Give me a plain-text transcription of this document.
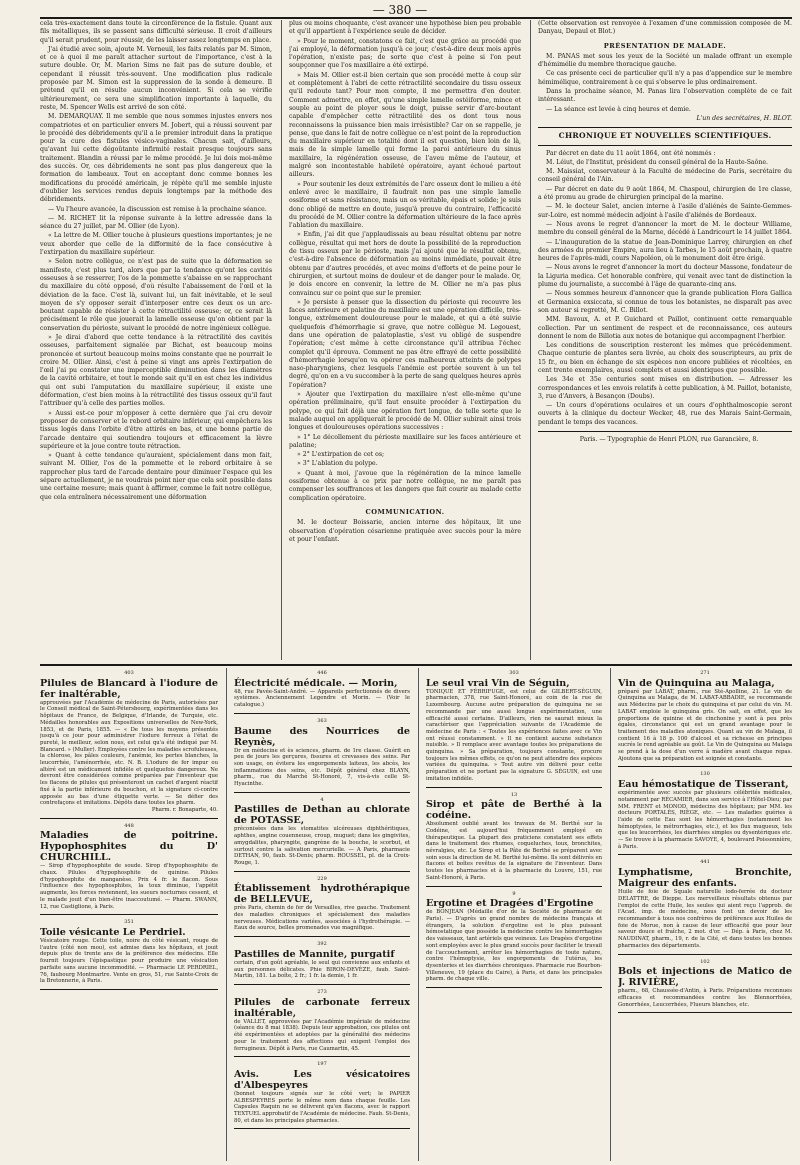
— 380 —

cela très-exactement dans toute la circonférence de la fistule. Quant aux fils métalliques, ils se passent sans difficulté sérieuse. Il croit d'ailleurs qu'il serait prudent, pour réussir, de les laisser assez longtemps en place.

J'ai étudié avec soin, ajoute M. Verneuil, les faits relatés par M. Simon, et ce à quoi il me paraît attacher surtout de l'importance, c'est à la suture double. Or, M. Marion Sims ne fait pas de suture double, et cependant il réussit très-souvent. Une modification plus radicale proposée par M. Simon est la suppression de la sonde à demeure. Il prétend qu'il en résulte aucun inconvénient. Si cela se vérifie ultérieurement, ce sera une simplification importante à laquelle, du reste, M. Spencer Wells est arrivé de son côté.

M. DEMARQUAY. Il me semble que nous sommes injustes envers nos compatriotes et en particulier envers M. Jobert, qui a réussi souvent par le procédé des débridements qu'il a le premier introduit dans la pratique pour la cure des fistules vésico-vaginales. Chacun sait, d'ailleurs, qu'avant lui cette dégoûtante infirmité restait presque toujours sans traitement. Blandin a réussi par le même procédé. Je lui dois moi-même des succès. Or, ces débridements ne sont pas plus dangereux que la formation de lambeaux. Tout en acceptant donc comme bonnes les modifications du procédé américain, je répète qu'il me semble injuste d'oublier les services rendus depuis longtemps par la méthode des débridements.

— Vu l'heure avancée, la discussion est remise à la prochaine séance.

— M. RICHET lit la réponse suivante à la lettre adressée dans la séance du 27 juillet, par M. Ollier (de Lyon).

« La lettre de M. Ollier touche à plusieurs questions importantes; je ne veux aborder que celle de la difformité de la face consécutive à l'extirpation du maxillaire supérieur.

» Selon notre collègue, ce n'est pas de suite que la déformation se manifeste, c'est plus tard, alors que par la tendance qu'ont les cavités osseuses à se resserrer, l'os de la pommette s'abaisse en se rapprochant du maxillaire du côté opposé, d'où résulte l'abaissement de l'œil et la déviation de la face. C'est là, suivant lui, un fait inévitable, et le seul moyen de s'y opposer serait d'interposer entre ces deux os un arc-boutant capable de résister à cette rétractilité osseuse; or, ce serait là précisément le rôle que jouerait la lamelle osseuse qu'on obtient par la conservation du périoste, suivant le procédé de notre ingénieux collègue.

» Je dirai d'abord que cette tendance à la rétractilité des cavités osseuses, parfaitement signalée par Bichat, est beaucoup moins prononcée et surtout beaucoup moins moins constante que ne pourrait le croire M. Ollier. Ainsi, c'est à peine si vingt ans après l'extirpation de l'œil j'ai pu constater une imperceptible diminution dans les diamètres de la cavité orbitaire, et tout le monde sait qu'il en est chez les individus qui ont subi l'amputation du maxillaire supérieur, il existe une déformation, c'est bien moins à la rétractilité des tissus osseux qu'il faut l'attribuer qu'à celle des parties molles.

» Aussi est-ce pour m'opposer à cette dernière que j'ai cru devoir proposer de conserver et le rebord orbitaire inférieur, qui empêchera les tissus logés dans l'orbite d'être attirés en bas, et une bonne partie de l'arcade dentaire qui soutiendra toujours et efficacement la lèvre supérieure et la joue contre toute rétraction.

» Quant à cette tendance qu'auraient, spécialement dans mon fait, suivant M. Ollier, l'os de la pommette et le rebord orbitaire à se rapprocher plus tard de l'arcade dentaire pour diminuer l'espace qui les sépare actuellement, je ne voudrais point nier que cela soit possible dans une certaine mesure; mais quant à affirmer, comme le fait notre collègue, que cela entraînera nécessairement une déformation

plus ou moins choquante, c'est avancer une hypothèse bien peu probable et qu'il appartient à l'expérience seule de décider.

» Pour le moment, constatons ce fait, c'est que grâce au procédé que j'ai employé, la déformation jusqu'à ce jour, c'est-à-dire deux mois après l'opération, n'existe pas; de sorte que c'est à peine si l'on peut soupçonner que l'os maxillaire a été extirpé.

» Mais M. Ollier est-il bien certain que son procédé mette à coup sûr et complètement à l'abri de cette rétractilité secondaire du tissu osseux qu'il redoute tant? Pour mon compte, il me permettra d'en douter. Comment admettre, en effet, qu'une simple lamelle ostéiforme, mince et souple au point de ployer sous le doigt, puisse servir d'arc-boutant capable d'empêcher cette rétractilité des os dont tous nous reconnaissons la puissance bien mais irrésistible? Car on se rappelle, je pense, que dans le fait de notre collègue ce n'est point de la reproduction du maxillaire supérieur en totalité dont il est question, bien loin de là, mais de la simple lamelle qui forme la paroi antérieure du sinus maxillaire, la régénération osseuse, de l'aveu même de l'auteur, et malgré son incontestable habileté opératoire, ayant échoué partout ailleurs.

» Pour soutenir les deux extrémités de l'arc osseux dont le milieu a été enlevé avec le maxillaire, il faudrait non pas une simple lamelle ossiforme et sans résistance, mais un os véritable, épais et solide; je suis donc obligé de mettre en doute, jusqu'à preuve du contraire, l'efficacité du procédé de M. Ollier contre la déformation ultérieure de la face après l'ablation du maxillaire.

» Enfin, j'ai dit que j'applaudissais au beau résultat obtenu par notre collègue, résultat qui met hors de doute la possibilité de la reproduction de tissu osseux par le périoste, mais j'ai ajouté que le résultat obtenu, c'est-à-dire l'absence de déformation au moins immédiate, pouvait être obtenu par d'autres procédés, et avec moins d'efforts et de peine pour le chirurgien, et surtout moins de douleur et de danger pour le malade. Or, je dois encore en convenir, la lettre de M. Ollier ne m'a pas plus convaincu sur ce point que sur le premier.

» Je persiste à penser que la dissection du périoste qui recouvre les faces antérieure et palatine du maxillaire est une opération difficile, très-longue, extrêmement douloureuse pour le malade, et qui a été suivie quelquefois d'hémorrhagie si grave, que notre collègue M. Legouest, dans une opération de palatoplastie, s'est vu obligé de suspendre l'opération; c'est même à cette circonstance qu'il attribua l'échec complet qu'il éprouva. Comment ne pas être effrayé de cette possibilité d'hémorrhagie lorsqu'on va opérer ces malheureux atteints de polypes naso-pharyngiens, chez lesquels l'anémie est portée souvent à un tel degré, qu'on en a vu succomber à la perte de sang quelques heures après l'opération?

» Ajouter que l'extirpation du maxillaire n'est elle-même qu'une opération préliminaire, qu'il faut ensuite procéder à l'extirpation du polype, ce qui fait déjà une opération fort longue, de telle sorte que le malade auquel on appliquerait le procédé de M. Ollier subirait ainsi trois longues et douloureuses opérations successives :

» 1° Le décollement du périoste maxillaire sur les faces antérieure et palatine;

» 2° L'extirpation de cet os;

» 3° L'ablation du polype.

» Quant à moi, j'avoue que la régénération de la mince lamelle ossiforme obtenue à ce prix par notre collègue, ne me paraît pas compenser les souffrances et les dangers que fait courir au malade cette complication opératoire.

COMMUNICATION.

M. le docteur Boissarie, ancien interne des hôpitaux, lit une observation d'opération césarienne pratiquée avec succès pour la mère et pour l'enfant.

(Cette observation est renvoyée à l'examen d'une commission composée de M. Danyau, Depaul et Blot.)

PRÉSENTATION DE MALADE.

M. PANAS met sous les yeux de la Société un malade offrant un exemple d'hémimélie du membre thoracique gauche.

Ce cas présente ceci de particulier qu'il n'y a pas d'appendice sur le membre hémimélique, contrairement à ce qui s'observe le plus ordinairement.

Dans la prochaine séance, M. Panas lira l'observation complète de ce fait intéressant.

— La séance est levée à cinq heures et demie.

L'un des secrétaires, H. BLOT.

CHRONIQUE ET NOUVELLES SCIENTIFIQUES.

Par décret en date du 11 août 1864, ont été nommés :

M. Léiut, de l'Institut, président du conseil général de la Haute-Saône.

M. Maissiat, conservateur à la Faculté de médecine de Paris, secrétaire du conseil général de l'Ain.

— Par décret en date du 9 août 1864, M. Chaspoul, chirurgien de 1re classe, a été promu au grade de chirurgien principal de la marine.

— M. le docteur Salet, ancien interne à l'asile d'aliénés de Sainte-Gemmes-sur-Loire, est nommé médecin adjoint à l'asile d'aliénés de Bordeaux.

— Nous avons le regret d'annoncer la mort de M. le docteur Williame, membre du conseil général de la Marne, décédé à Landricourt le 14 juillet 1864.

— L'inauguration de la statue de Jean-Dominique Larrey, chirurgien en chef des armées du premier Empire, aura lieu à Tarbes, le 15 août prochain, à quatre heures de l'après-midi, cours Napoléon, où le monument doit être érigé.

— Nous avons le regret d'annoncer la mort du docteur Massone, fondateur de la Liguria medica. Cet honorable confrère, qui venait avec tant de distinction la plume du journaliste, a succombé à l'âge de quarante-cinq ans.

— Nous sommes heureux d'annoncer que la grande publication Flora Gallica et Germanica exsiccata, si connue de tous les botanistes, ne disparaît pas avec son auteur si regretté, M. C. Billot.

MM. Bavoux, A. et P. Guichard et Paillot, continuent cette remarquable collection. Par un sentiment de respect et de reconnaissance, ces auteurs donnent le nom de Billotia aux notes de botanique qui accompagnent l'herbier.

Les conditions de souscription resteront les mêmes que précédemment. Chaque centurie de plantes sera livrée, au choix des souscripteurs, au prix de 15 fr., ou bien en échange de six espèces non encore publiées et récoltées, en cent trente exemplaires, aussi complets et aussi identiques que possible.

Les 34e et 35e centuries sont mises en distribution. — Adresser les correspondances et les envois relatifs à cette publication, à M. Paillot, botaniste, 3, rue d'Anvers, à Besançon (Doubs).

— Un cours d'opérations oculaires et un cours d'ophthalmoscopie seront ouverts à la clinique du docteur Wecker, 48, rue des Marais Saint-Germain, pendant le temps des vacances.

Paris. — Typographie de Henri PLON, rue Garancière, 8.

403
Pilules de Blancard à l'iodure de fer inaltérable,

approuvées par l'Académie de médecine de Paris, autorisées par le Conseil médical de Saint-Pétersbourg, expérimentées dans les hôpitaux de France, de Belgique, d'Irlande, de Turquie, etc. Médailles honorables aux Expositions universelles de New-York, 1853, et de Paris, 1855. — « De tous les moyens présentés jusqu'à ce jour pour administrer l'iodure ferreux à l'état de pureté, le meilleur, selon nous, est celui qu'a été indiqué par M. Blancard. » (Muller). Employées contre les maladies scrofuleuses, la chlorose, les pâles couleurs, l'anémie, les pertes blanches, la leucorrhée, l'aménorrhée, etc. N. B. L'iodure de fer impur ou altéré est un médicament infidèle et quelquefois dangereux. Ne devront être considérées comme préparées par l'inventeur que les flacons de pilules qui présenteront un cachet d'argent réactif fixé à la partie inférieure du bouchon, et la signature ci-contre apposée au bas d'une étiquette verte. — Se défier des contrefaçons et imitations. Dépôts dans toutes les pharm.

Pharm. r. Bonaparte, 40.

448
Maladies de poitrine. Hypophosphites du D' CHURCHILL.

— Sirop d'hypophosphite de soude. Sirop d'hypophosphite de chaux. Pilules d'hypophosphite de quinine. Pilules d'hypophosphite de manganèse. Prix 4 fr. le flacon. Sous l'influence des hypophosphites, la toux diminue, l'appétit augmente, les forces reviennent, les sueurs nocturnes cessent, et le malade jouit d'un bien-être inaccoutumé. — Pharm. SWANN, 12, rue Castiglione, à Paris.

351
Toile vésicante Le Perdriel.

Vésicatoire rouge. Cette toile, noire du côté vésicant, rouge de l'autre (côté non mou), est admise dans les hôpitaux, et jouit depuis plus de trente ans de la préférence des médecins. Elle fournit toujours l'épispastique pour produire une vésication parfaite sans aucune incommodité. — Pharmacie LE PERDRIEL, 76, faubourg Montmartre. Vente en gros, 51, rue Sainte-Croix de la Bretonnerie, à Paris.

446
Électricité médicale. — Morin,

48, rue Pavée-Saint-André. — Appareils perfectionnés de divers systèmes. Anciennement Legendre et Morin. — (Voir le catalogue.)

363
Baume des Nourrices de Reynès,

Dr en médecine et ès sciences, pharm. de 1re classe. Guérit en peu de jours les gerçures, fissures et crevasses des seins. Par son usage, on évitera les engorgements laiteux, les abcès, les inflammations des seins, etc. Dépôt général chez BLAYN, pharm., rue du Marché St-Honoré, 7, vis-à-vis celle St-Hyacinthe.

4
Pastilles de Dethan au chlorate de POTASSE,

préconisées dans les stomatites ulcéreuses diphthéritiques, aphthes, angine couenneuse, croup, muguet; dans les gingivites, amygdalites, pharyngite, gangrène de la bouche, le scorbut, et surtout contre la salivation mercurielle. — A Paris, pharmacie DETHAN, 90, faub. St-Denis; pharm. ROUSSEL, pl. de la Croix-Rouge, 1.

229
Établissement hydrothérapique de BELLEVUE,

près Paris, chemin de fer de Versailles, rive gauche. Traitement des maladies chroniques et spécialement des maladies nerveuses. Médications variées, associées à l'hydrothérapie. — Eaux de source, belles promenades vue magnifique.

392
Pastilles de Mannite, purgatif

certain, d'un goût agréable, le seul qui convienne aux enfants et aux personnes délicates. Phie BIRON-DEVÈZE, faub. Saint-Martin, 181. La boîte, 2 fr.; 1 fr. la demie, 1 fr.

273
Pilules de carbonate ferreux inaltérable,

de VALLET, approuvées par l'Académie impériale de médecine (séance du 8 mai 1838). Depuis leur approbation, ces pilules ont été expérimentées et adoptées par la généralité des médecins pour le traitement des affections qui exigent l'emploi des ferrugineux. Dépôt à Paris, rue Caumartin, 45.

197
Avis. Les vésicatoires d'Albespeyres

(bonnet toujours signés sur le côté vert; le PAPIER ALBESPEYRES porte le même nom dans chaque feuille. Les Capsules Raquin ne se délivrent qu'en flacons, avec le rapport TEXTUEL approbatif de l'Académie de médecine. Faub. St-Denis, 80, et dans les principales pharmacies.

303
Le seul vrai Vin de Séguin,

TONIQUE ET FÉBRIFUGE, est celui de GILBERT-SÉGUIN, pharmacien, 378, rue Saint-Honoré, au coin de la rue de Luxembourg. Aucune autre préparation de quinquina ne se recommande par une aussi longue expérimentation, une efficacité aussi certaine. D'ailleurs, rien ne saurait mieux la caractériser que l'appréciation suivante de l'Académie de médecine de Paris : « Toutes les expériences faites avec ce Vin ont réussi constamment. » Il ne contient aucune substance nuisible. » Il remplace avec avantage toutes les préparations de quinquina. » Sa préparation, toujours constante, procure toujours les mêmes effets, ce qu'on ne peut attendre des espèces variées du quinquina. » Tout autre vin délivré pour cette préparation et ne portant pas la signature G. SÉGUIN, est une imitation infidèle.

13
Sirop et pâte de Berthé à la codéine.

Absolument oublié avant les travaux de M. Berthé sur la Codéine, est aujourd'hui fréquemment employé en thérapeutique. La plupart des praticiens constatent ses effets dans le traitement des rhumes, coqueluches, toux, bronchites, névralgies, etc. Le Sirop et la Pâte de Berthé se préparent avec soin sous la direction de M. Berthé lui-même. Ils sont délivrés en flacons et boîtes revêtus de la signature de l'inventeur. Dans toutes les pharmacies et à la pharmacie du Louvre, 151, rue Saint-Honoré, à Paris.

9
Ergotine et Dragées d'Ergotine

de BONJEAN (Médaille d'or de la Société de pharmacie de Paris). — D'après un grand nombre de médecins français et étrangers, la solution d'ergotine est le plus puissant hémostatique que possède la médecine contre les hémorrhagies des vaisseaux, tant artériels que veineux. Les Dragées d'ergotine sont employées avec le plus grand succès pour faciliter le travail de l'accouchement, arrêter les hémorrhagies de toute nature, contre l'hémoptysie, les engorgements de l'utérus, les dysenteries et les diarrhées chroniques. Pharmacie rue Bourbon-Villeneuve, 19 (place du Caire), à Paris, et dans les principales pharm. de chaque ville.

271
Vin de Quinquina au Malaga,

préparé par LABAT, pharm., rue Sté-Apolline, 21. Le vin de Quinquina au Malaga, de M. LABAT-ABBADIE, se recommande aux Médecins par le choix du quinquina et par celui du vin. M. LABAT emploie le quinquina gris. On sait, en effet, que les proportions de quinine et de cinchonine y sont à peu près égales, circonstance qui est un grand avantage pour le traitement des maladies atoniques. Quant au vin de Malaga, il contient 16 à 18 p. 100 d'alcool et sa richesse en principes sucrés le rend agréable au goût. Le Vin de Quinquina au Malaga se prend à la dose d'un verre à madère avant chaque repas. Ajoutons que sa préparation est soignée et constante.

130
Eau hémostatique de Tisserant,

expérimentée avec succès par plusieurs célébrités médicales, notamment par RÉCAMIER, dans son service à l'Hôtel-Dieu; par MM. FRENT et MONOD, médecins des hôpitaux; par MM. les docteurs PORTALÈS, RIÈGE, etc. — Les maladies guéries à l'aide de cette Eau sont les hémorrhagies (notamment les hémoptysies, le métrorrhagies, etc.), et les flux muqueux, tels que les leucorrhées, les diarrhées simples ou dysentériques etc. — Se trouve à la pharmacie SAVOYE, 4, boulevard Poissonnière, à Paris.

441
Lymphatisme, Bronchite, Maigreur des enfants.

Huile de foie de Squale naturelle iodo-ferrée du docteur DELATTRE, de Dieppe. Les merveilleux résultats obtenus par l'emploi de cette Huile, les seules qui aient reçu l'approb. de l'Acad. imp. de médecine, nous font un devoir de les recommander à tous nos confrères de préférence aux Huiles de foie de Morue, non à cause de leur efficacité que pour leur saveur douce et fraîche, 2 mot. d'or. — Dép. à Paris, chez M. NAUDINAT, pharm., 19, r. de la Cité, et dans toutes les bonnes pharmacies des départements.

102
Bols et injections de Matico de J. RIVIÈRE,

pharm., 68, Chaussée-d'Antin, à Paris. Préparations reconnues efficaces et recommandées contre les Blennorrhées, Gonorrhées, Leucorrhées, Flueurs blanches, etc.
